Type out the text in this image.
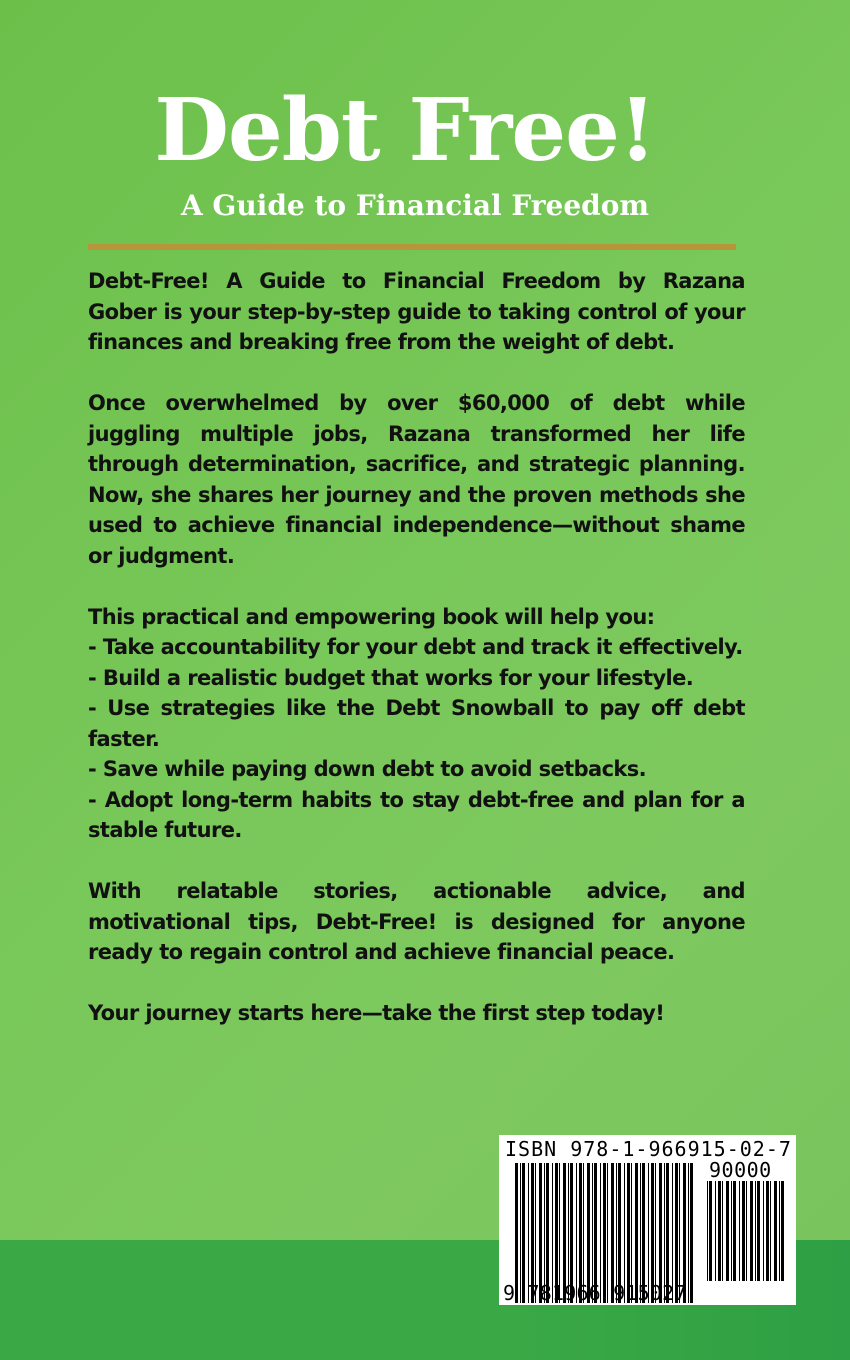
Debt Free!
A Guide to Financial Freedom

Debt-Free! A Guide to Financial Freedom by Razana Gober is your step-by-step guide to taking control of your finances and breaking free from the weight of debt.

Once overwhelmed by over $60,000 of debt while juggling multiple jobs, Razana transformed her life through determination, sacrifice, and strategic planning. Now, she shares her journey and the proven methods she used to achieve financial independence—without shame or judgment.

This practical and empowering book will help you:

- Take accountability for your debt and track it effectively.
- Build a realistic budget that works for your lifestyle.
- Use strategies like the Debt Snowball to pay off debt faster.
- Save while paying down debt to avoid setbacks.
- Adopt long-term habits to stay debt-free and plan for a stable future.

With relatable stories, actionable advice, and motivational tips, Debt-Free! is designed for anyone ready to regain control and achieve financial peace.

Your journey starts here—take the first step today!

ISBN 978-1-966915-02-7
90000
9 781966 915027
